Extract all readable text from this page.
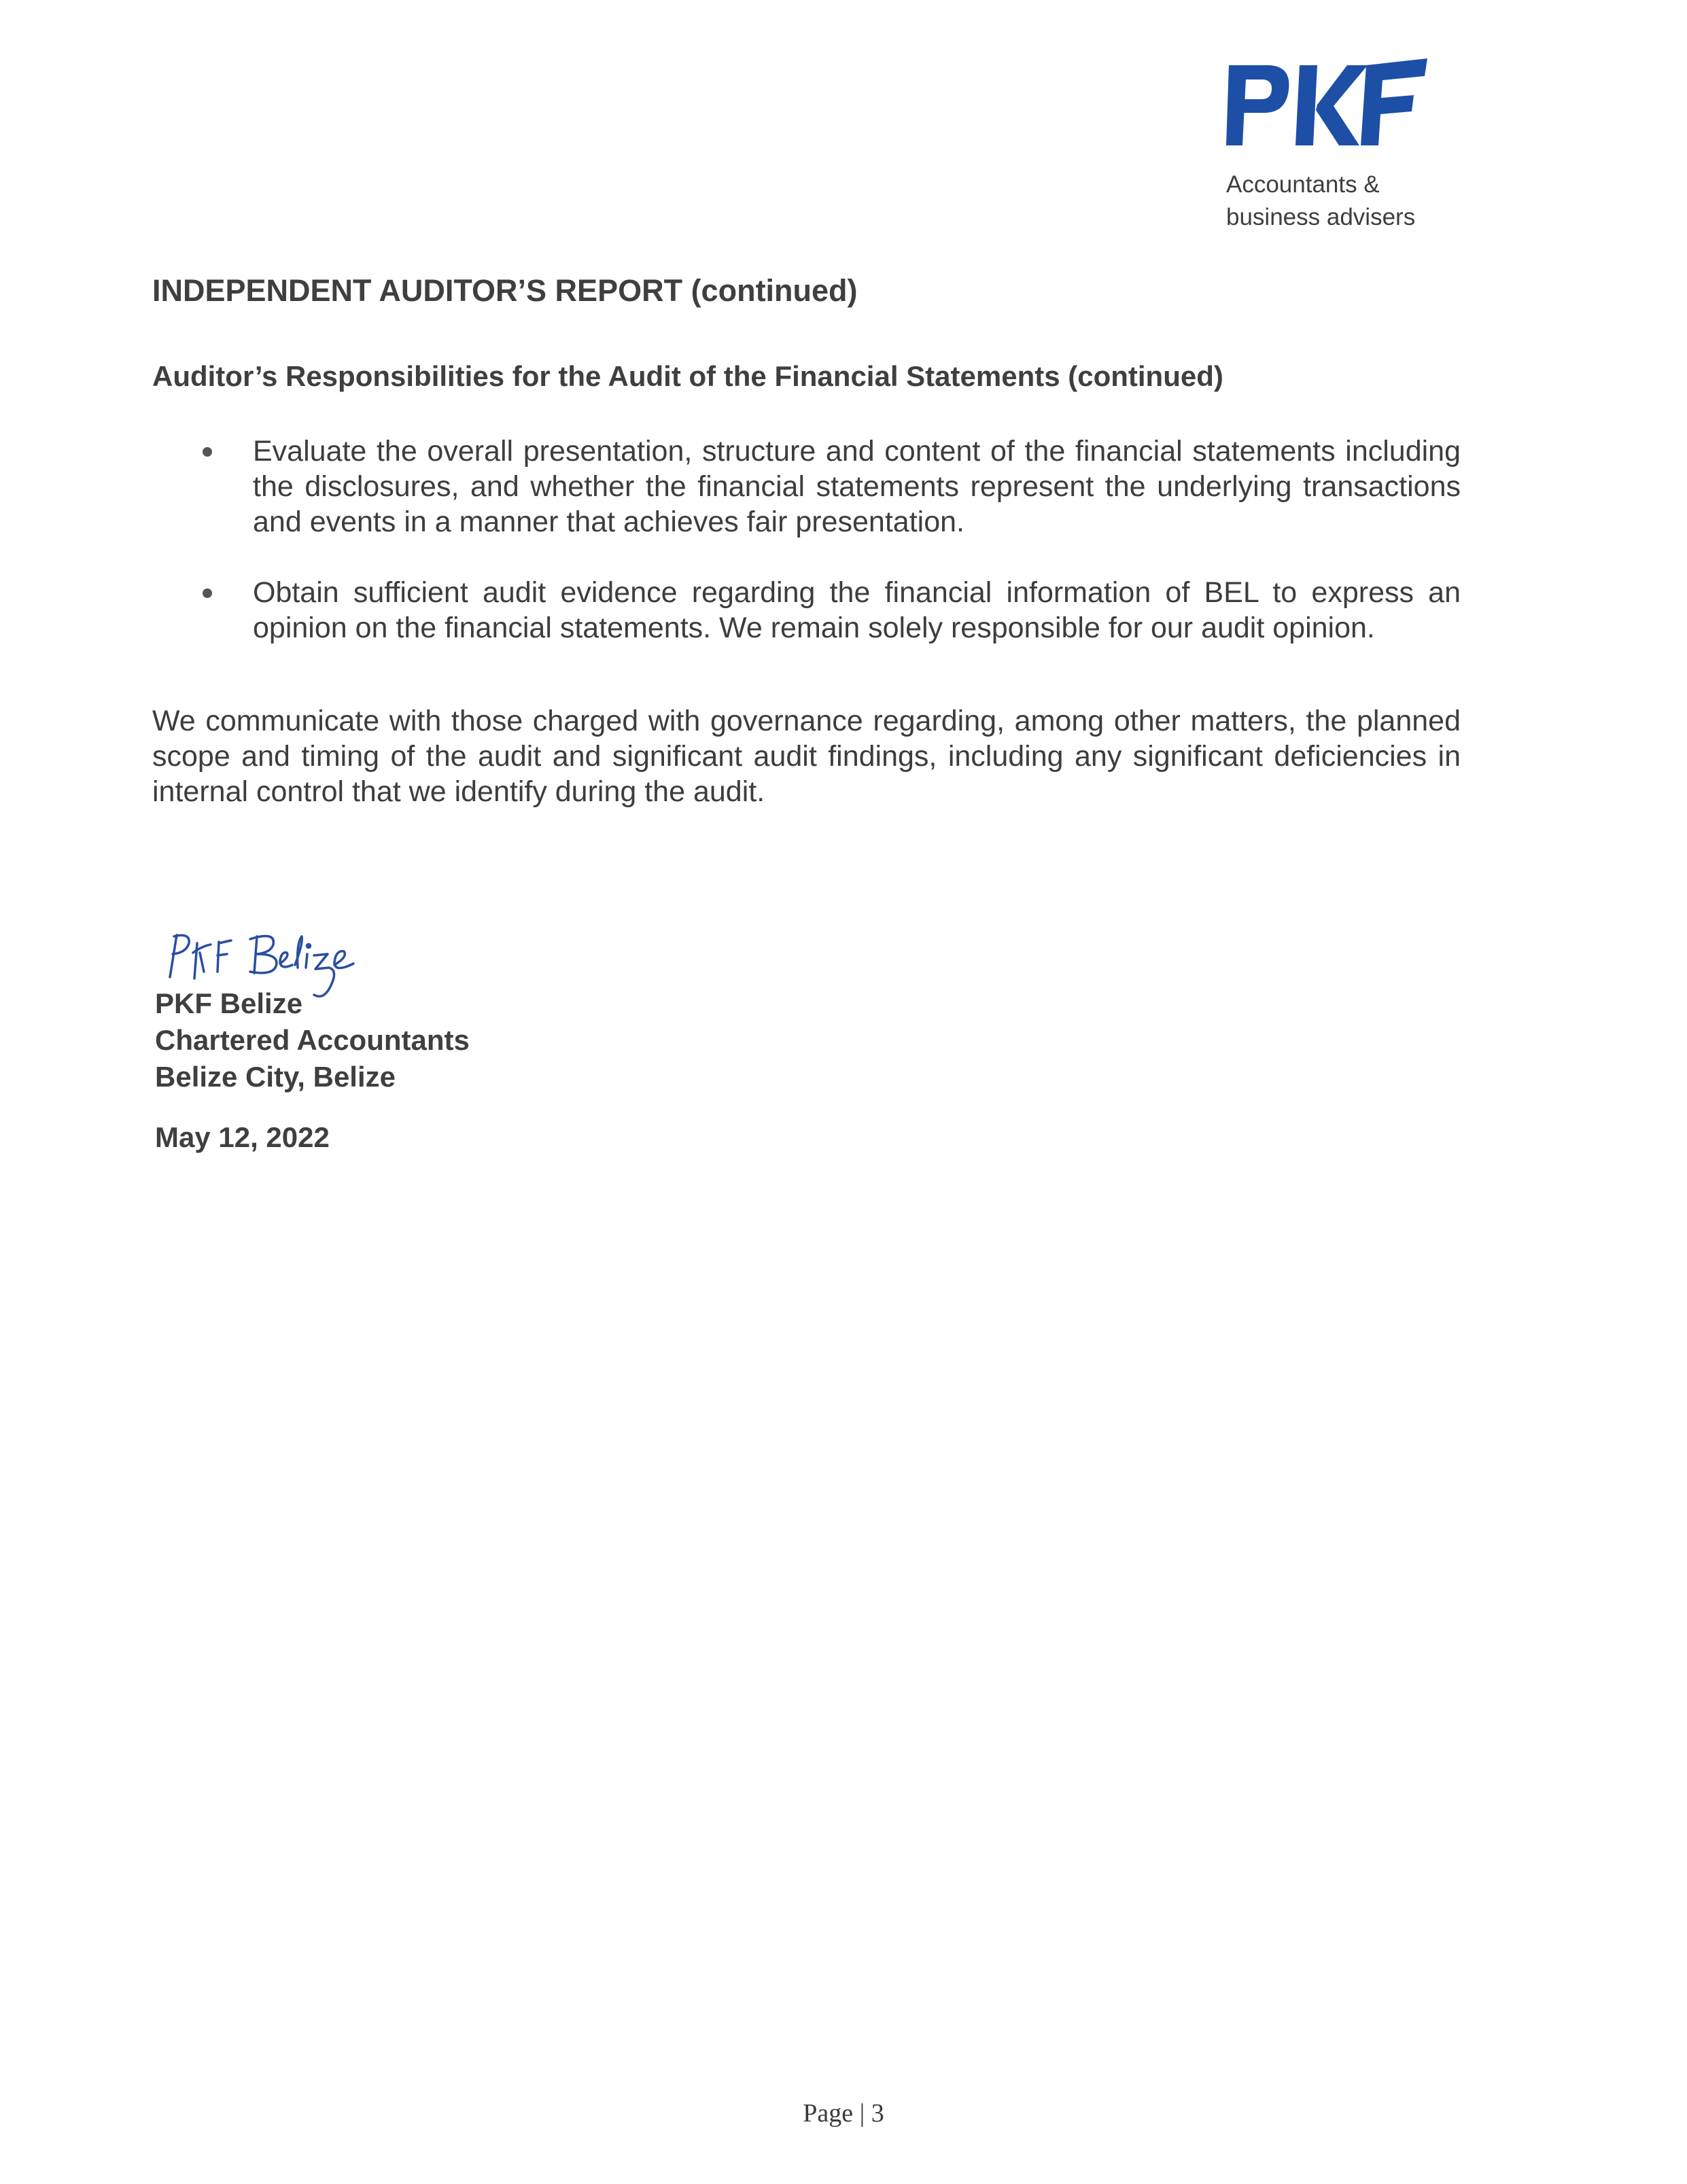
Accountants &
business advisers
INDEPENDENT AUDITOR’S REPORT (continued)
Auditor’s Responsibilities for the Audit of the Financial Statements (continued)
Evaluate the overall presentation, structure and content of the financial statements including the disclosures, and whether the financial statements represent the underlying transactions and events in a manner that achieves fair presentation.
Obtain sufficient audit evidence regarding the financial information of BEL to express an opinion on the financial statements. We remain solely responsible for our audit opinion.

We communicate with those charged with governance regarding, among other matters, the planned scope and timing of the audit and significant audit findings, including any significant deficiencies in internal control that we identify during the audit.

PKF Belize
Chartered Accountants
Belize City, Belize
May 12, 2022
Page | 3
